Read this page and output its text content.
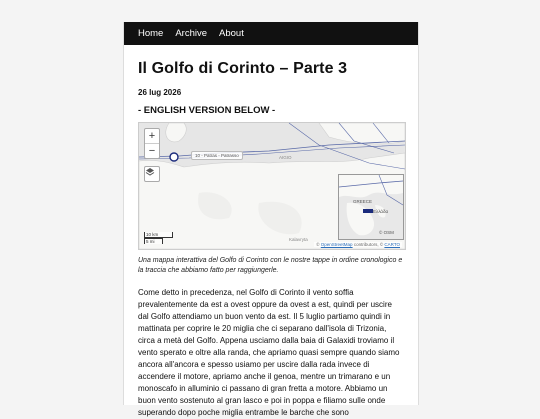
Home Archive About
Il Golfo di Corinto – Parte 3
26 lug 2026
- ENGLISH VERSION BELOW -
AIGIO
Kalavryta
+
−	10 - Patras - Patrasso
GREECE
Ελλάδα
© OSM
10 km
5 mi
© OpenStreetMap contributors, © CARTO
Una mappa interattiva del Golfo di Corinto con le nostre tappe in ordine cronologico e la traccia che abbiamo fatto per raggiungerle.

Come detto in precedenza, nel Golfo di Corinto il vento soffia prevalentemente da est a ovest oppure da ovest a est, quindi per uscire dal Golfo attendiamo un buon vento da est. Il 5 luglio partiamo quindi in mattinata per coprire le 20 miglia che ci separano dall'isola di Trizonia, circa a metà del Golfo. Appena usciamo dalla baia di Galaxidi troviamo il vento sperato e oltre alla randa, che apriamo quasi sempre quando siamo ancora all'ancora e spesso usiamo per uscire dalla rada invece di accendere il motore, apriamo anche il genoa, mentre un trimarano e un monoscafo in alluminio ci passano di gran fretta a motore. Abbiamo un buon vento sostenuto al gran lasco e poi in poppa e filiamo sulle onde superando dopo poche miglia entrambe le barche che sono
